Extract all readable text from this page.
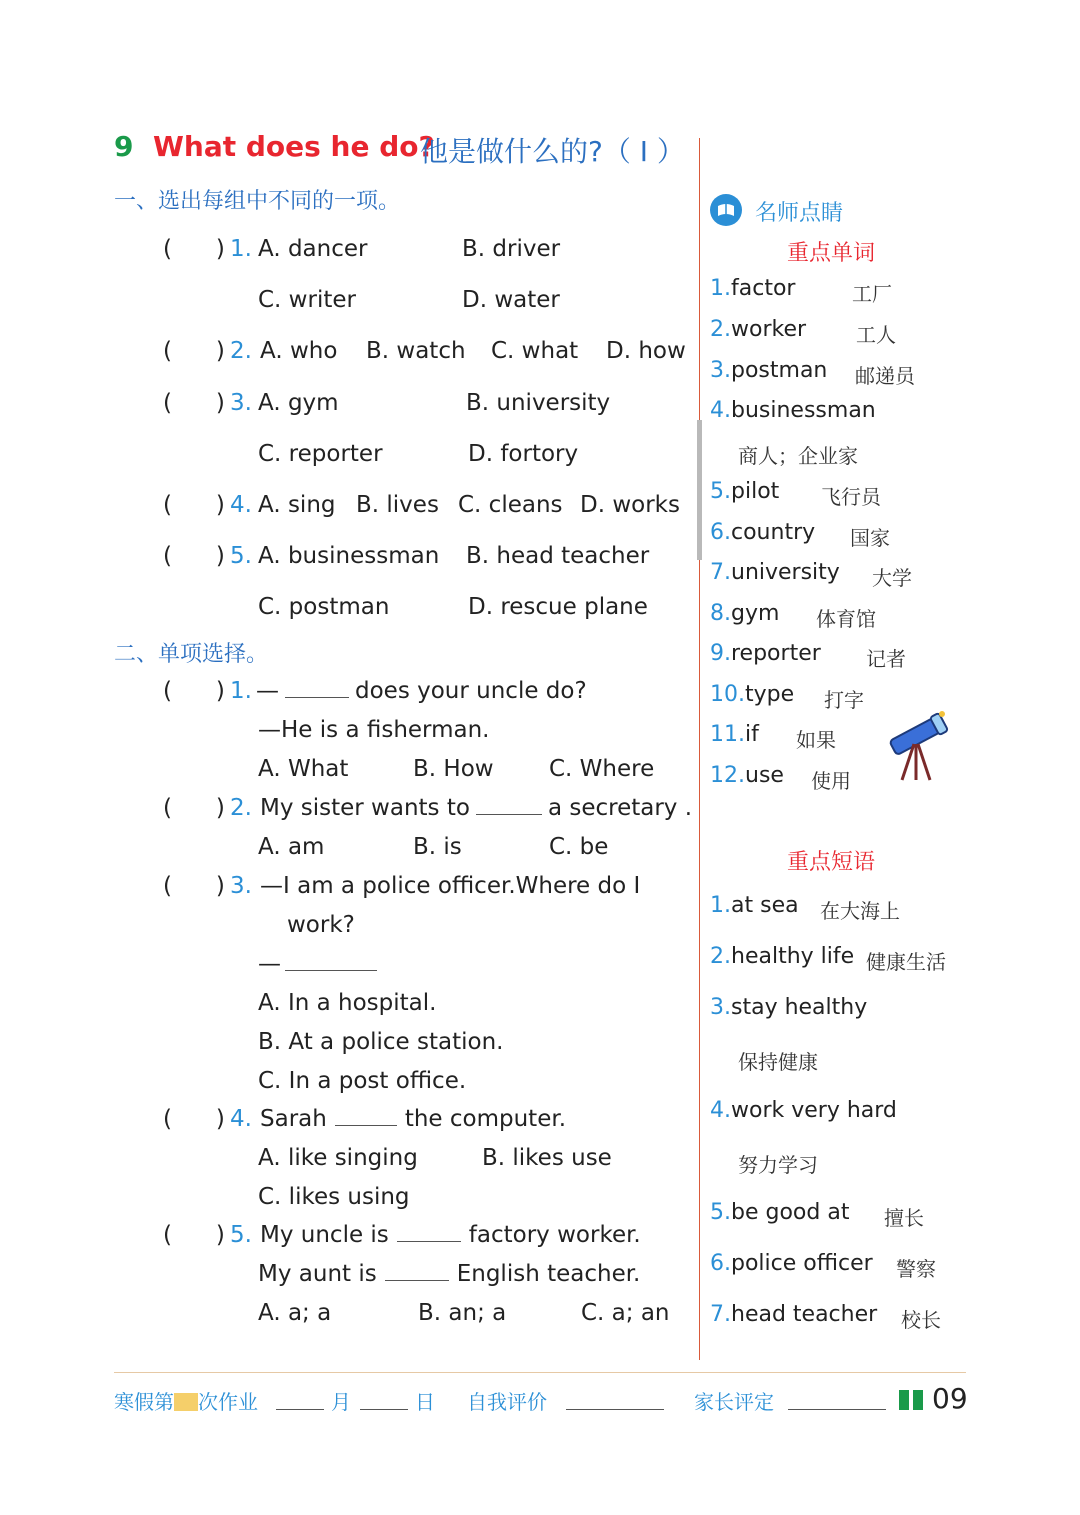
9 What does he do?
他是做什么的?（ Ⅰ ）
一、选出每组中不同的一项。
(      ) 1. A. dancer	B. driver
C. writer	D. water
(      ) 2. A. who B. watch C. what D. how
(      ) 3. A. gym	B. university
C. reporter	D. fortory
(      ) 4. A. sing B. lives C. cleans D. works
(      ) 5. A. businessman B. head teacher
C. postman	D. rescue plane
二、单项选择。
(      ) 1. —	does your uncle do?
—He is a fisherman.
A. What	B. How C. Where
(      ) 2. My sister wants to	a secretary .
A. am	B. is	C. be
(      ) 3. —I am a police officer.Where do I
work?
—
A. In a hospital.
B. At a police station.
C. In a post office.
(      ) 4. Sarah	the computer.
A. like singing	B. likes use
C. likes using
(      ) 5. My uncle is	factory worker.
My aunt is	English teacher.
A. a; a	B. an; a	C. a; an
名师点睛
重点单词
1.factor	工厂
2.worker 工人
3.postman 邮递员
4.businessman
商人；企业家
5.pilot 飞行员
6.country 国家
7.university 大学
8.gym 体育馆
9.reporter 记者
10.type 打字
11.if 如果
12.use 使用
重点短语
1.at sea 在大海上
2.healthy life 健康生活
3.stay healthy
保持健康
4.work very hard
努力学习
5.be good at 擅长
6.police officer 警察
7.head teacher 校长
寒假第 次作业	月	日 自我评价	家长评定	09
